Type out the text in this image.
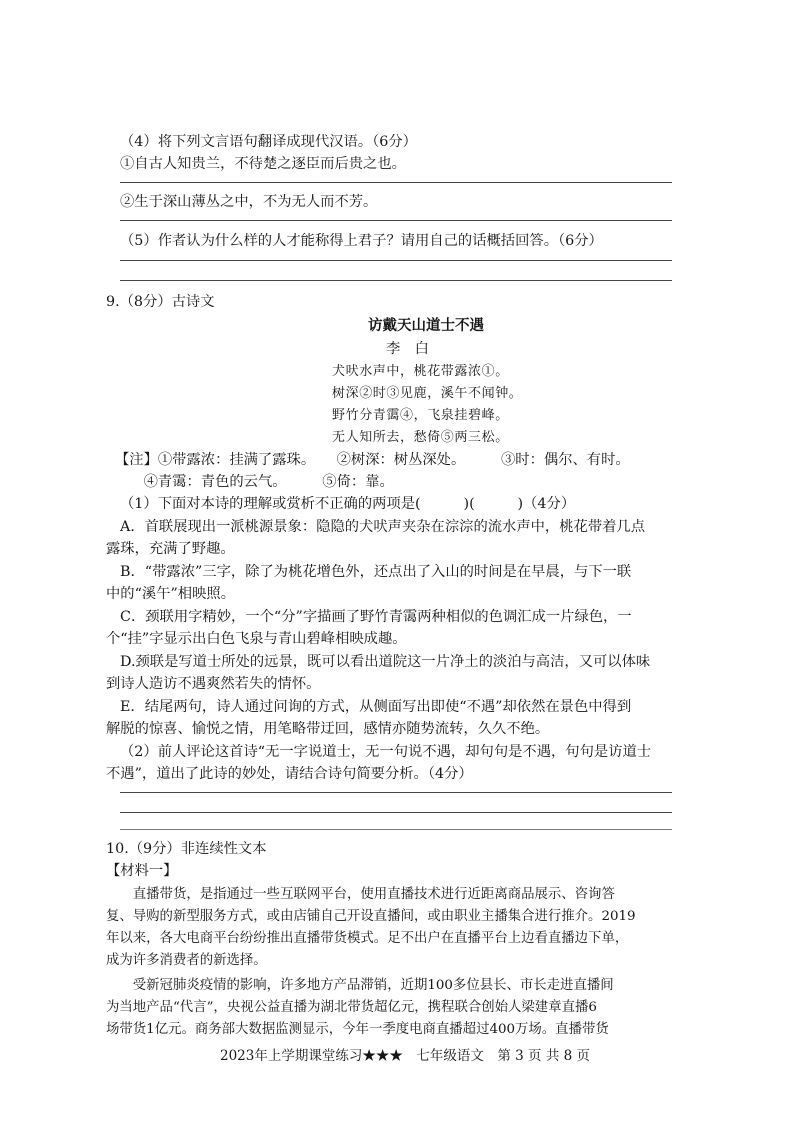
（4）将下列文言语句翻译成现代汉语。（6分）
①自古人知贵兰，不待楚之逐臣而后贵之也。
②生于深山薄丛之中，不为无人而不芳。
（5）作者认为什么样的人才能称得上君子？请用自己的话概括回答。（6分）
9.（8分）古诗文
访戴天山道士不遇
李　白
犬吠水声中，桃花带露浓①。
树深②时③见鹿，溪午不闻钟。
野竹分青霭④，飞泉挂碧峰。
无人知所去，愁倚⑤两三松。
【注】①带露浓：挂满了露珠。　　②树深：树丛深处。　　　③时：偶尔、有时。
　　④青霭：青色的云气。　　　⑤倚：靠。
（1）下面对本诗的理解或赏析不正确的两项是(　　　)(　　　)（4分）
A．首联展现出一派桃源景象：隐隐的犬吠声夹杂在淙淙的流水声中，桃花带着几点
露珠，充满了野趣。
B．“带露浓”三字，除了为桃花增色外，还点出了入山的时间是在早晨，与下一联
中的“溪午”相映照。
C．颈联用字精妙，一个“分”字描画了野竹青霭两种相似的色调汇成一片绿色，一
个“挂”字显示出白色飞泉与青山碧峰相映成趣。
D.颈联是写道士所处的远景，既可以看出道院这一片净土的淡泊与高洁，又可以体味
到诗人造访不遇爽然若失的情怀。
E．结尾两句，诗人通过问询的方式，从侧面写出即使“不遇”却依然在景色中得到
解脱的惊喜、愉悦之情，用笔略带迂回，感情亦随势流转，久久不绝。
（2）前人评论这首诗“无一字说道士，无一句说不遇，却句句是不遇，句句是访道士
不遇”，道出了此诗的妙处，请结合诗句简要分析。（4分）
10.（9分）非连续性文本
【材料一】
　　直播带货，是指通过一些互联网平台，使用直播技术进行近距离商品展示、咨询答
复、导购的新型服务方式，或由店铺自己开设直播间，或由职业主播集合进行推介。2019
年以来，各大电商平台纷纷推出直播带货模式。足不出户在直播平台上边看直播边下单，
成为许多消费者的新选择。
　　受新冠肺炎疫情的影响，许多地方产品滞销，近期100多位县长、市长走进直播间
为当地产品“代言”，央视公益直播为湖北带货超亿元，携程联合创始人梁建章直播6
场带货1亿元。商务部大数据监测显示，今年一季度电商直播超过400万场。直播带货
2023年上学期课堂练习★★★　七年级语文　第 3 页 共 8 页
